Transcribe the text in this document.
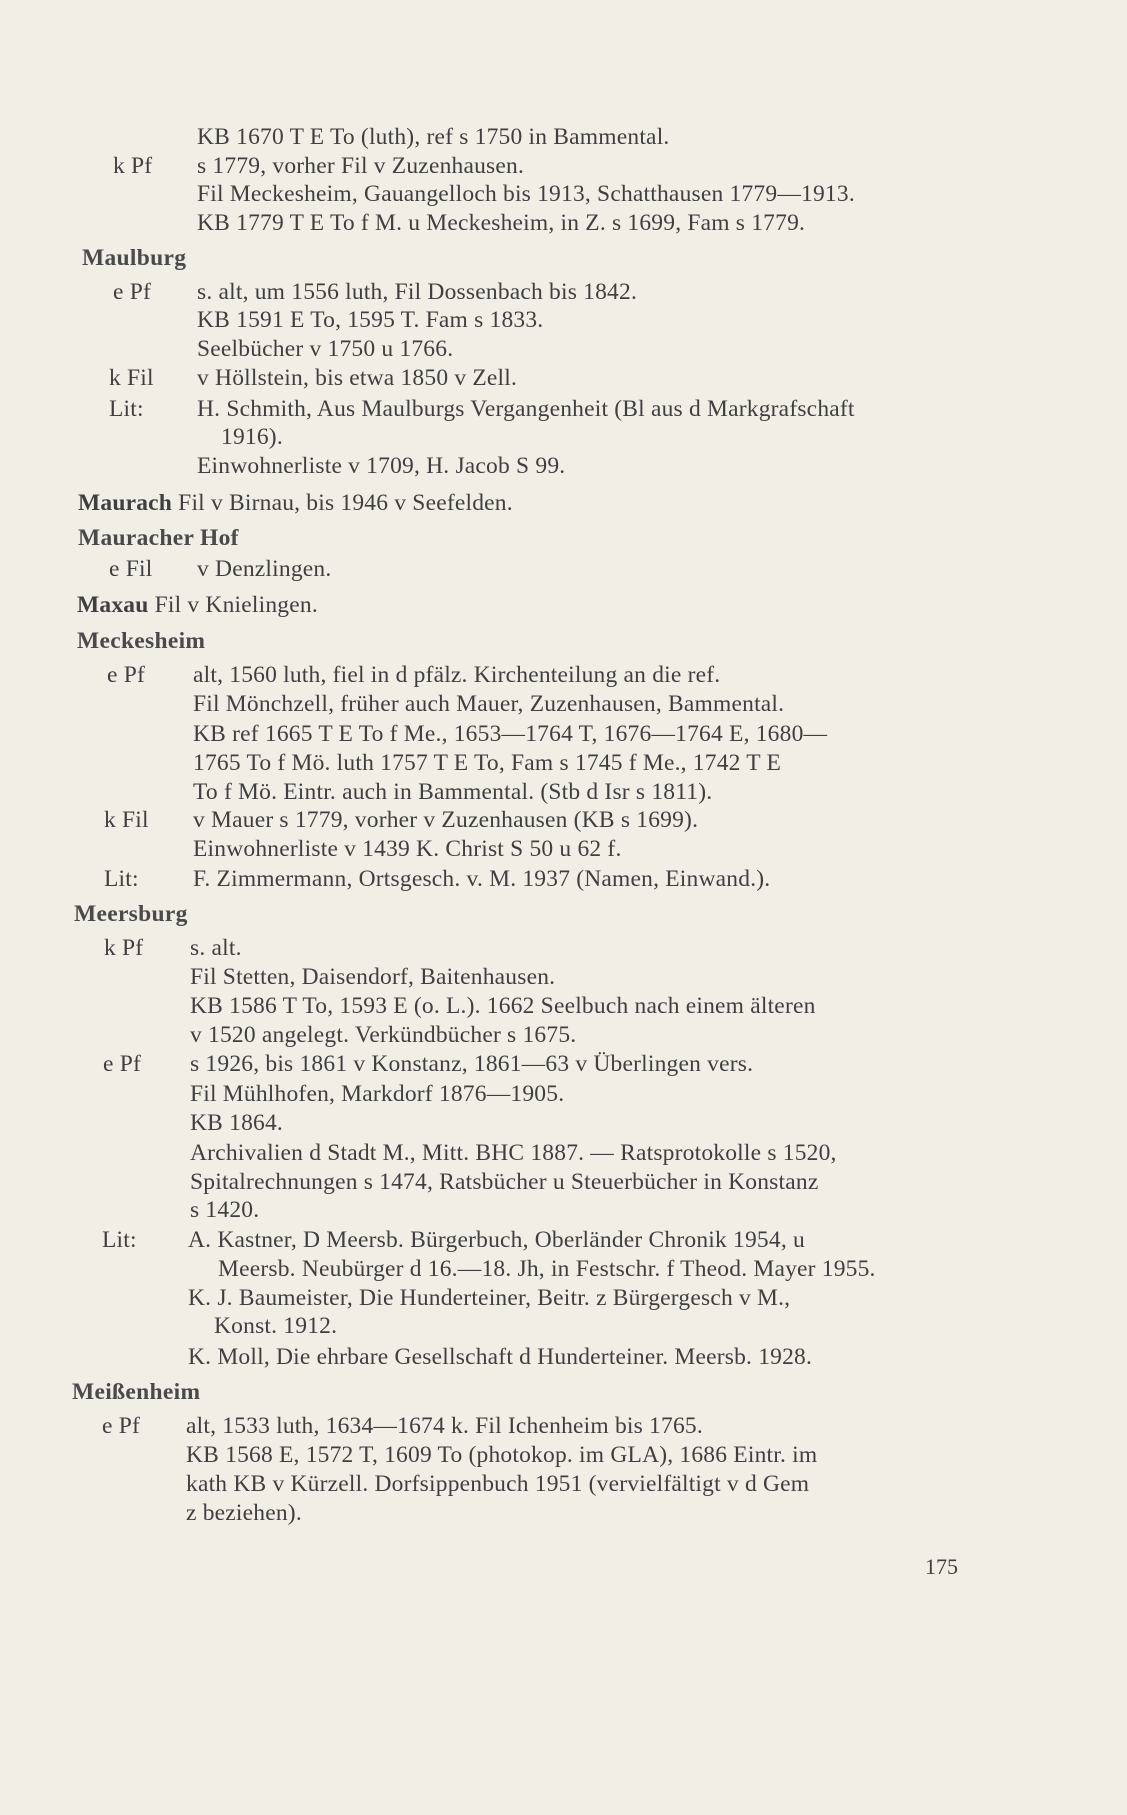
KB 1670 T E To (luth), ref s 1750 in Bammental.
k Pf s 1779, vorher Fil v Zuzenhausen.
Fil Meckesheim, Gauangelloch bis 1913, Schatthausen 1779—1913.
KB 1779 T E To f M. u Meckesheim, in Z. s 1699, Fam s 1779.
Maulburg
e Pf s. alt, um 1556 luth, Fil Dossenbach bis 1842.
KB 1591 E To, 1595 T. Fam s 1833.
Seelbücher v 1750 u 1766.
k Fil v Höllstein, bis etwa 1850 v Zell.
Lit: H. Schmith, Aus Maulburgs Vergangenheit (Bl aus d Markgrafschaft
1916).
Einwohnerliste v 1709, H. Jacob S 99.
Maurach Fil v Birnau, bis 1946 v Seefelden.
Mauracher Hof
e Fil v Denzlingen.
Maxau Fil v Knielingen.
Meckesheim
e Pf alt, 1560 luth, fiel in d pfälz. Kirchenteilung an die ref.
Fil Mönchzell, früher auch Mauer, Zuzenhausen, Bammental.
KB ref 1665 T E To f Me., 1653—1764 T, 1676—1764 E, 1680—
1765 To f Mö. luth 1757 T E To, Fam s 1745 f Me., 1742 T E
To f Mö. Eintr. auch in Bammental. (Stb d Isr s 1811).
k Fil v Mauer s 1779, vorher v Zuzenhausen (KB s 1699).
Einwohnerliste v 1439 K. Christ S 50 u 62 f.
Lit: F. Zimmermann, Ortsgesch. v. M. 1937 (Namen, Einwand.).
Meersburg
k Pf s. alt.
Fil Stetten, Daisendorf, Baitenhausen.
KB 1586 T To, 1593 E (o. L.). 1662 Seelbuch nach einem älteren
v 1520 angelegt. Verkündbücher s 1675.
e Pf s 1926, bis 1861 v Konstanz, 1861—63 v Überlingen vers.
Fil Mühlhofen, Markdorf 1876—1905.
KB 1864.
Archivalien d Stadt M., Mitt. BHC 1887. — Ratsprotokolle s 1520,
Spitalrechnungen s 1474, Ratsbücher u Steuerbücher in Konstanz
s 1420.
Lit: A. Kastner, D Meersb. Bürgerbuch, Oberländer Chronik 1954, u
Meersb. Neubürger d 16.—18. Jh, in Festschr. f Theod. Mayer 1955.
K. J. Baumeister, Die Hunderteiner, Beitr. z Bürgergesch v M.,
Konst. 1912.
K. Moll, Die ehrbare Gesellschaft d Hunderteiner. Meersb. 1928.
Meißenheim
e Pf alt, 1533 luth, 1634—1674 k. Fil Ichenheim bis 1765.
KB 1568 E, 1572 T, 1609 To (photokop. im GLA), 1686 Eintr. im
kath KB v Kürzell. Dorfsippenbuch 1951 (vervielfältigt v d Gem
z beziehen).
175
